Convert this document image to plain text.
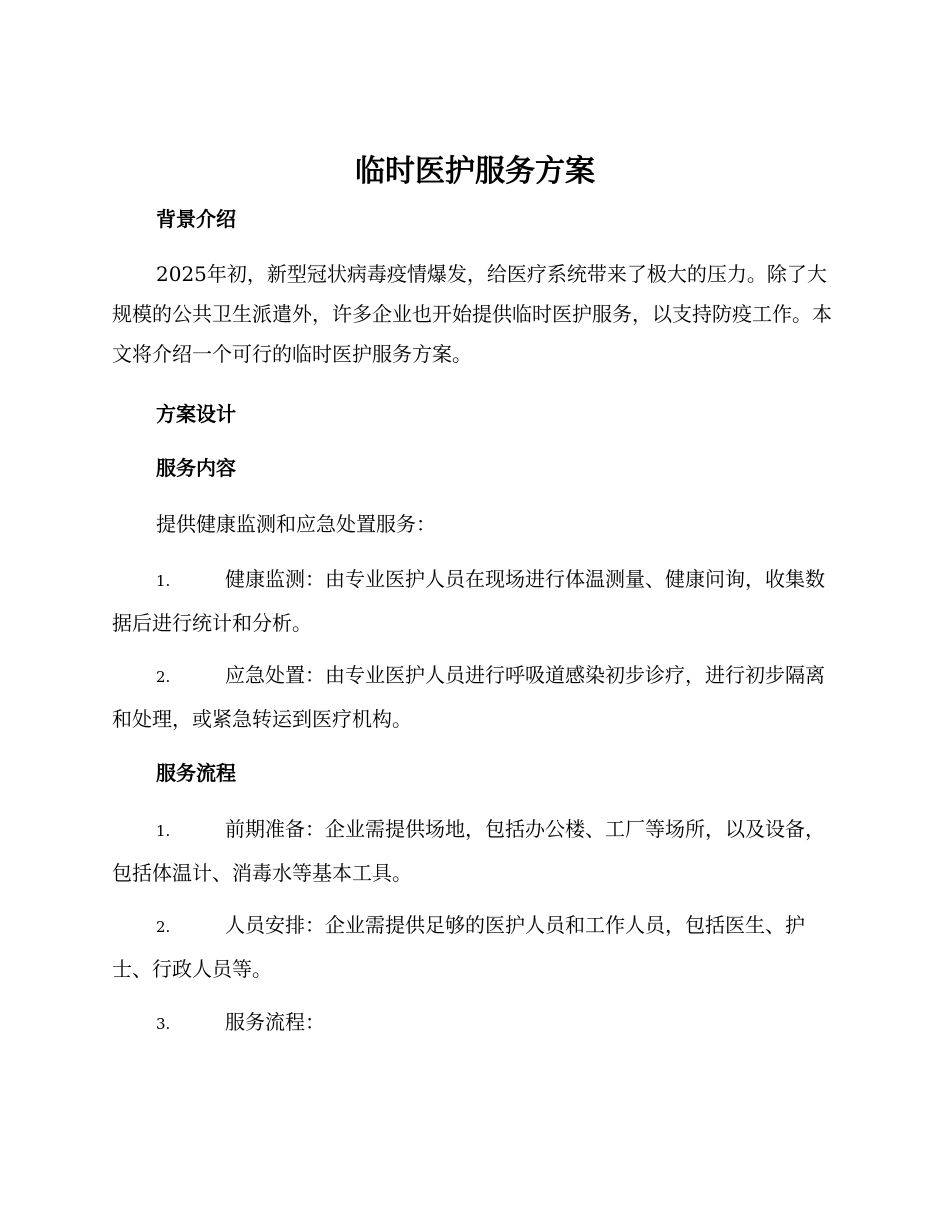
临时医护服务方案
背景介绍

2025年初，新型冠状病毒疫情爆发，给医疗系统带来了极大的压力。除了大规模的公共卫生派遣外，许多企业也开始提供临时医护服务，以支持防疫工作。本文将介绍一个可行的临时医护服务方案。

方案设计
服务内容

提供健康监测和应急处置服务：

1.	健康监测：由专业医护人员在现场进行体温测量、健康问询，收集数据后进行统计和分析。

2.	应急处置：由专业医护人员进行呼吸道感染初步诊疗，进行初步隔离和处理，或紧急转运到医疗机构。

服务流程

1.	前期准备：企业需提供场地，包括办公楼、工厂等场所，以及设备，包括体温计、消毒水等基本工具。

2.	人员安排：企业需提供足够的医护人员和工作人员，包括医生、护士、行政人员等。

3.	服务流程：
